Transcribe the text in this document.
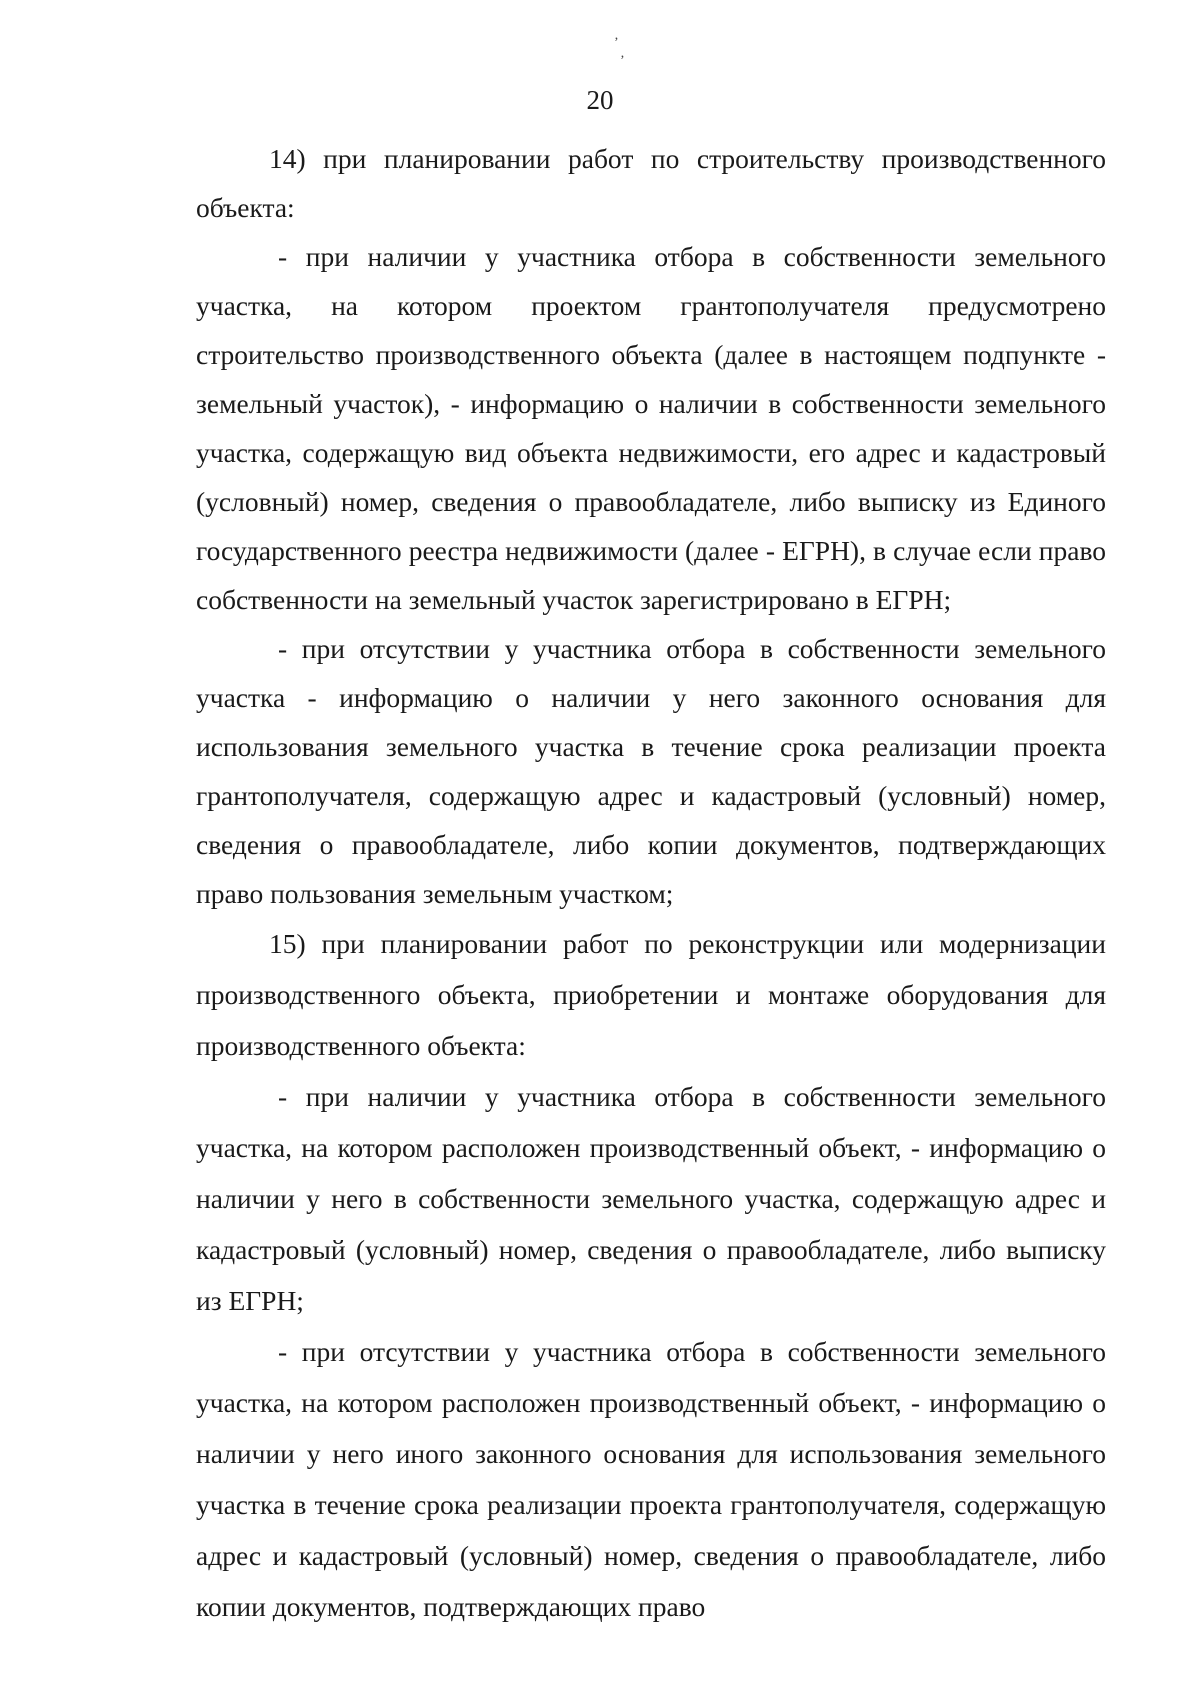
‚
‚
20

14) при планировании работ по строительству производственного объекта:

- при наличии у участника отбора в собственности земельного участка, на котором проектом грантополучателя предусмотрено строительство производственного объекта (далее в настоящем подпункте - земельный участок), - информацию о наличии в собственности земельного участка, содержащую вид объекта недвижимости, его адрес и кадастровый (условный) номер, сведения о правообладателе, либо выписку из Единого государственного реестра недвижимости (далее - ЕГРН), в случае если право собственности на земельный участок зарегистрировано в ЕГРН;

- при отсутствии у участника отбора в собственности земельного участка - информацию о наличии у него законного основания для использования земельного участка в течение срока реализации проекта грантополучателя, содержащую адрес и кадастровый (условный) номер, сведения о правообладателе, либо копии документов, подтверждающих право пользования земельным участком;

15) при планировании работ по реконструкции или модернизации производственного объекта, приобретении и монтаже оборудования для производственного объекта:

- при наличии у участника отбора в собственности земельного участка, на котором расположен производственный объект, - информацию о наличии у него в собственности земельного участка, содержащую адрес и кадастровый (условный) номер, сведения о правообладателе, либо выписку из ЕГРН;

- при отсутствии у участника отбора в собственности земельного участка, на котором расположен производственный объект, - информацию о наличии у него иного законного основания для использования земельного участка в течение срока реализации проекта грантополучателя, содержащую адрес и кадастровый (условный) номер, сведения о правообладателе, либо копии документов, подтверждающих право
